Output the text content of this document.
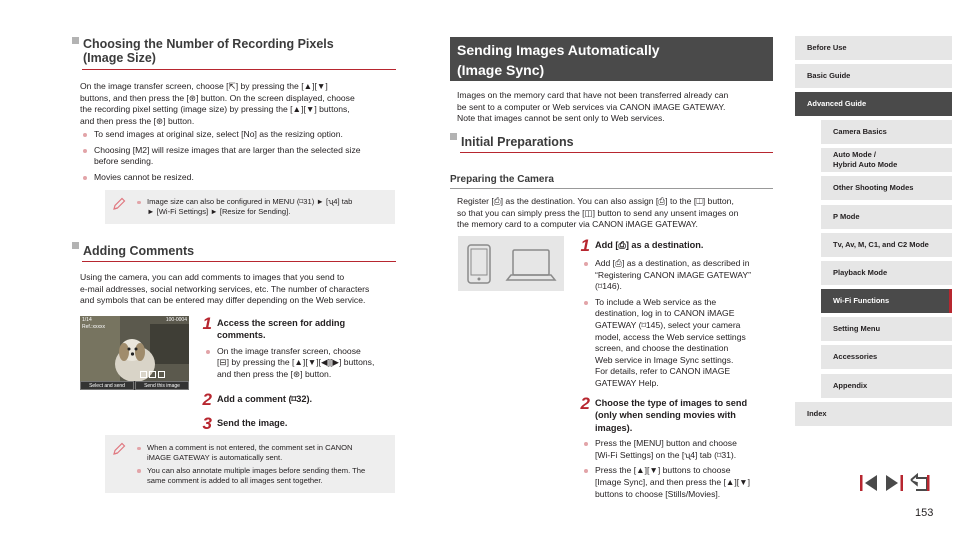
Choosing the Number of Recording Pixels
(Image Size)
On the image transfer screen, choose [⇱] by pressing the [▲][▼]
buttons, and then press the [⊛] button. On the screen displayed, choose
the recording pixel setting (image size) by pressing the [▲][▼] buttons,
and then press the [⊛] button.
To send images at original size, select [No] as the resizing option.
Choosing [M2] will resize images that are larger than the selected size
before sending.
Movies cannot be resized.
Image size can also be configured in MENU (⌑31) ► [ʯ4] tab
► [Wi-Fi Settings] ► [Resize for Sending].
Adding Comments
Using the camera, you can add comments to images that you send to
e-mail addresses, social networking services, etc. The number of characters
and symbols that can be entered may differ depending on the Web service.
1/14	100-0004
Ref.:xxxxx
Select and send	Send this image
1 Access the screen for adding
comments.
On the image transfer screen, choose
[⊟] by pressing the [▲][▼][◀][▶] buttons,
and then press the [⊛] button.
2 Add a comment (⌑32).
3 Send the image.
When a comment is not entered, the comment set in CANON
iMAGE GATEWAY is automatically sent.
You can also annotate multiple images before sending them. The
same comment is added to all images sent together.
Sending Images Automatically
(Image Sync)
Images on the memory card that have not been transferred already can
be sent to a computer or Web services via CANON iMAGE GATEWAY.
Note that images cannot be sent only to Web services.
Initial Preparations
Preparing the Camera
Register [⎙] as the destination. You can also assign [⎙] to the [◫] button,
so that you can simply press the [◫] button to send any unsent images on
the memory card to a computer via CANON iMAGE GATEWAY.
1 Add [⎙] as a destination.
Add [⎙] as a destination, as described in
“Registering CANON iMAGE GATEWAY”
(⌑146).
To include a Web service as the
destination, log in to CANON iMAGE
GATEWAY (⌑145), select your camera
model, access the Web service settings
screen, and choose the destination
Web service in Image Sync settings.
For details, refer to CANON iMAGE
GATEWAY Help.
2 Choose the type of images to send
(only when sending movies with
images).
Press the [MENU] button and choose
[Wi-Fi Settings] on the [ʯ4] tab (⌑31).
Press the [▲][▼] buttons to choose
[Image Sync], and then press the [▲][▼]
buttons to choose [Stills/Movies].
Before Use
Basic Guide
Advanced Guide
Camera Basics
Auto Mode /
Hybrid Auto Mode
Other Shooting Modes
P Mode
Tv, Av, M, C1, and C2 Mode
Playback Mode
Wi-Fi Functions
Setting Menu
Accessories
Appendix
Index
153
